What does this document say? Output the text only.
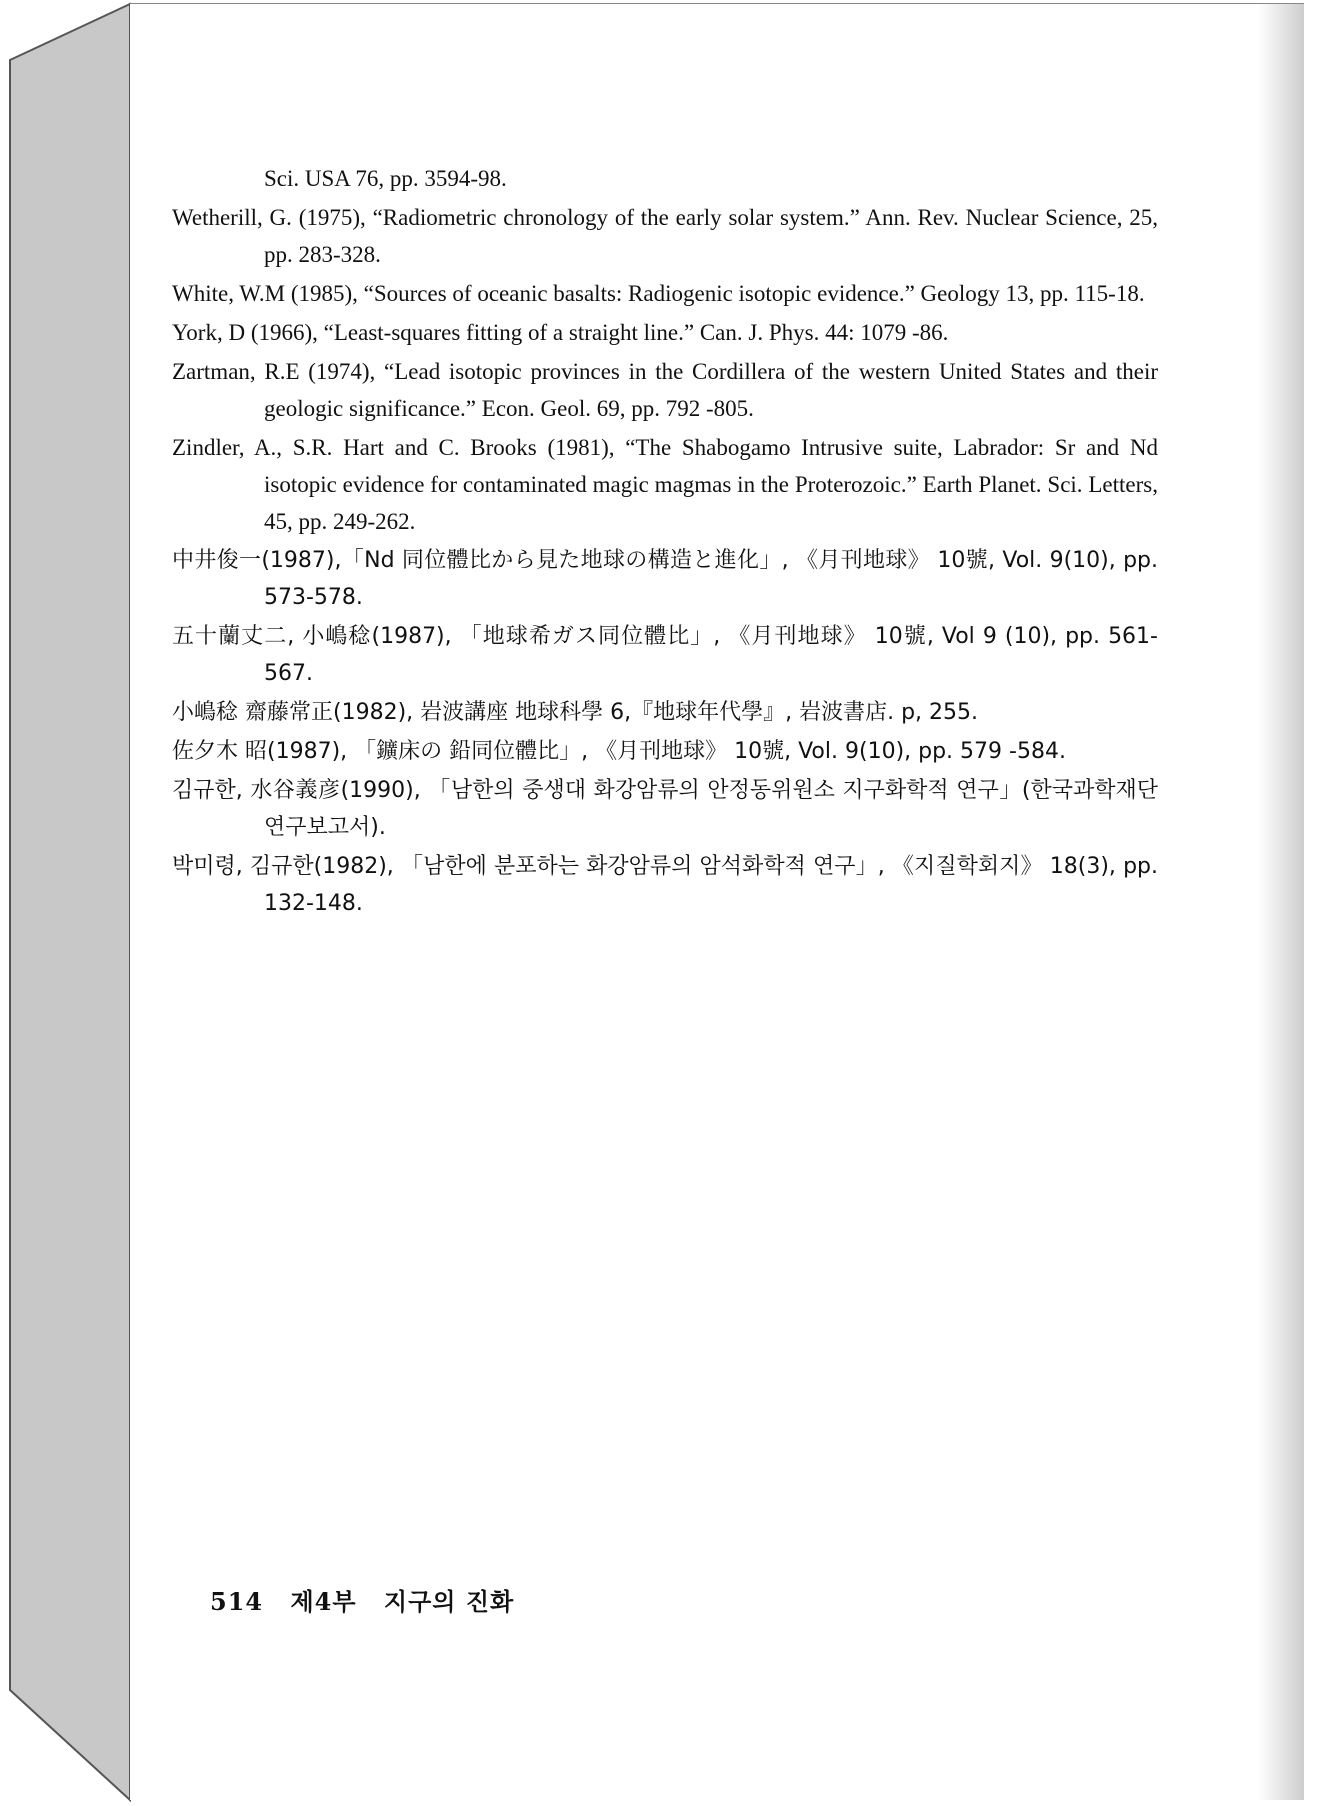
Sci. USA 76, pp. 3594-98.

Wetherill, G. (1975), “Radiometric chronology of the early solar system.” Ann. Rev. Nuclear Science, 25, pp. 283-328.

White, W.M (1985), “Sources of oceanic basalts: Radiogenic isotopic evidence.” Geology 13, pp. 115-18.

York, D (1966), “Least-squares fitting of a straight line.” Can. J. Phys. 44: 1079 -86.

Zartman, R.E (1974), “Lead isotopic provinces in the Cordillera of the western United States and their geologic significance.” Econ. Geol. 69, pp. 792 -805.

Zindler, A., S.R. Hart and C. Brooks (1981), “The Shabogamo Intrusive suite, Labrador: Sr and Nd isotopic evidence for contaminated magic magmas in the Proterozoic.” Earth Planet. Sci. Letters, 45, pp. 249-262.

中井俊一(1987),「Nd 同位體比から見た地球の構造と進化」, 《月刊地球》 10號, Vol. 9(10), pp. 573-578.

五十蘭丈二, 小嶋稔(1987), 「地球希ガス同位體比」, 《月刊地球》 10號, Vol 9 (10), pp. 561-567.

小嶋稔 齋藤常正(1982), 岩波講座 地球科學 6,『地球年代學』, 岩波書店. p, 255.

佐夕木 昭(1987), 「鑛床の 鉛同位體比」, 《月刊地球》 10號, Vol. 9(10), pp. 579 -584.

김규한, 水谷義彦(1990), 「남한의 중생대 화강암류의 안정동위원소 지구화학적 연구」(한국과학재단연구보고서).

박미령, 김규한(1982), 「남한에 분포하는 화강암류의 암석화학적 연구」, 《지질학회지》 18(3), pp. 132-148.

514 제4부 지구의 진화
